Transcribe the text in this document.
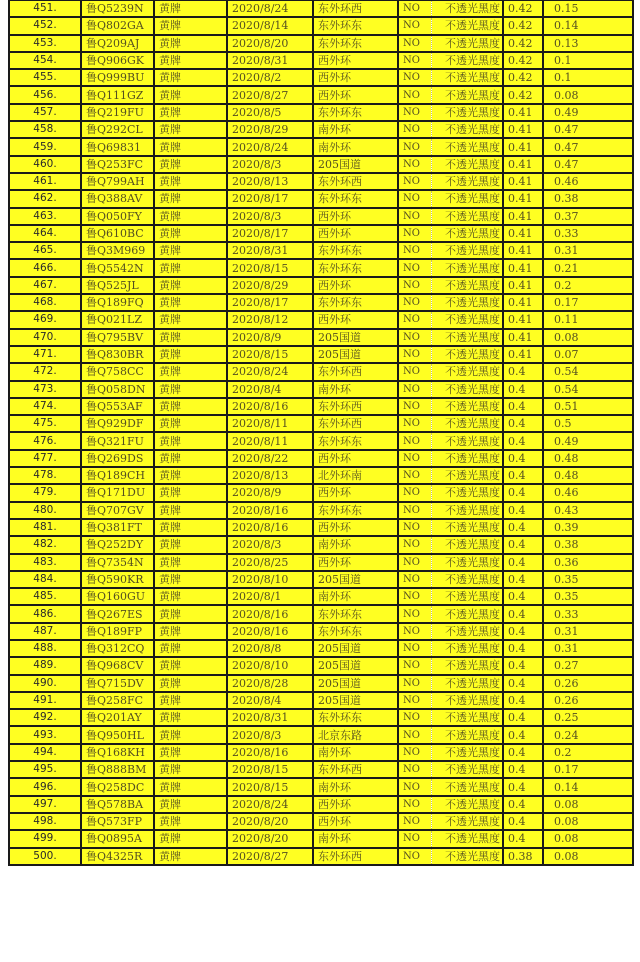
451.	鲁Q5239N	黄牌	2020/8/24	东外环西	NO	不透光黑度	0.42	0.15
452.	鲁Q802GA	黄牌	2020/8/14	东外环东	NO	不透光黑度	0.42	0.14
453.	鲁Q209AJ	黄牌	2020/8/20	东外环东	NO	不透光黑度	0.42	0.13
454.	鲁Q906GK	黄牌	2020/8/31	西外环	NO	不透光黑度	0.42	0.1
455.	鲁Q999BU	黄牌	2020/8/2	西外环	NO	不透光黑度	0.42	0.1
456.	鲁Q111GZ	黄牌	2020/8/27	西外环	NO	不透光黑度	0.42	0.08
457.	鲁Q219FU	黄牌	2020/8/5	东外环东	NO	不透光黑度	0.41	0.49
458.	鲁Q292CL	黄牌	2020/8/29	南外环	NO	不透光黑度	0.41	0.47
459.	鲁Q69831	黄牌	2020/8/24	南外环	NO	不透光黑度	0.41	0.47
460.	鲁Q253FC	黄牌	2020/8/3	205国道	NO	不透光黑度	0.41	0.47
461.	鲁Q799AH	黄牌	2020/8/13	东外环西	NO	不透光黑度	0.41	0.46
462.	鲁Q388AV	黄牌	2020/8/17	东外环东	NO	不透光黑度	0.41	0.38
463.	鲁Q050FY	黄牌	2020/8/3	西外环	NO	不透光黑度	0.41	0.37
464.	鲁Q610BC	黄牌	2020/8/17	西外环	NO	不透光黑度	0.41	0.33
465.	鲁Q3M969	黄牌	2020/8/31	东外环东	NO	不透光黑度	0.41	0.31
466.	鲁Q5542N	黄牌	2020/8/15	东外环东	NO	不透光黑度	0.41	0.21
467.	鲁Q525JL	黄牌	2020/8/29	西外环	NO	不透光黑度	0.41	0.2
468.	鲁Q189FQ	黄牌	2020/8/17	东外环东	NO	不透光黑度	0.41	0.17
469.	鲁Q021LZ	黄牌	2020/8/12	西外环	NO	不透光黑度	0.41	0.11
470.	鲁Q795BV	黄牌	2020/8/9	205国道	NO	不透光黑度	0.41	0.08
471.	鲁Q830BR	黄牌	2020/8/15	205国道	NO	不透光黑度	0.41	0.07
472.	鲁Q758CC	黄牌	2020/8/24	东外环西	NO	不透光黑度	0.4	0.54
473.	鲁Q058DN	黄牌	2020/8/4	南外环	NO	不透光黑度	0.4	0.54
474.	鲁Q553AF	黄牌	2020/8/16	东外环西	NO	不透光黑度	0.4	0.51
475.	鲁Q929DF	黄牌	2020/8/11	东外环西	NO	不透光黑度	0.4	0.5
476.	鲁Q321FU	黄牌	2020/8/11	东外环东	NO	不透光黑度	0.4	0.49
477.	鲁Q269DS	黄牌	2020/8/22	西外环	NO	不透光黑度	0.4	0.48
478.	鲁Q189CH	黄牌	2020/8/13	北外环南	NO	不透光黑度	0.4	0.48
479.	鲁Q171DU	黄牌	2020/8/9	西外环	NO	不透光黑度	0.4	0.46
480.	鲁Q707GV	黄牌	2020/8/16	东外环东	NO	不透光黑度	0.4	0.43
481.	鲁Q381FT	黄牌	2020/8/16	西外环	NO	不透光黑度	0.4	0.39
482.	鲁Q252DY	黄牌	2020/8/3	南外环	NO	不透光黑度	0.4	0.38
483.	鲁Q7354N	黄牌	2020/8/25	西外环	NO	不透光黑度	0.4	0.36
484.	鲁Q590KR	黄牌	2020/8/10	205国道	NO	不透光黑度	0.4	0.35
485.	鲁Q160GU	黄牌	2020/8/1	南外环	NO	不透光黑度	0.4	0.35
486.	鲁Q267ES	黄牌	2020/8/16	东外环东	NO	不透光黑度	0.4	0.33
487.	鲁Q189FP	黄牌	2020/8/16	东外环东	NO	不透光黑度	0.4	0.31
488.	鲁Q312CQ	黄牌	2020/8/8	205国道	NO	不透光黑度	0.4	0.31
489.	鲁Q968CV	黄牌	2020/8/10	205国道	NO	不透光黑度	0.4	0.27
490.	鲁Q715DV	黄牌	2020/8/28	205国道	NO	不透光黑度	0.4	0.26
491.	鲁Q258FC	黄牌	2020/8/4	205国道	NO	不透光黑度	0.4	0.26
492.	鲁Q201AY	黄牌	2020/8/31	东外环东	NO	不透光黑度	0.4	0.25
493.	鲁Q950HL	黄牌	2020/8/3	北京东路	NO	不透光黑度	0.4	0.24
494.	鲁Q168KH	黄牌	2020/8/16	南外环	NO	不透光黑度	0.4	0.2
495.	鲁Q888BM	黄牌	2020/8/15	东外环西	NO	不透光黑度	0.4	0.17
496.	鲁Q258DC	黄牌	2020/8/15	南外环	NO	不透光黑度	0.4	0.14
497.	鲁Q578BA	黄牌	2020/8/24	西外环	NO	不透光黑度	0.4	0.08
498.	鲁Q573FP	黄牌	2020/8/20	西外环	NO	不透光黑度	0.4	0.08
499.	鲁Q0895A	黄牌	2020/8/20	南外环	NO	不透光黑度	0.4	0.08
500.	鲁Q4325R	黄牌	2020/8/27	东外环西	NO	不透光黑度	0.38	0.08
